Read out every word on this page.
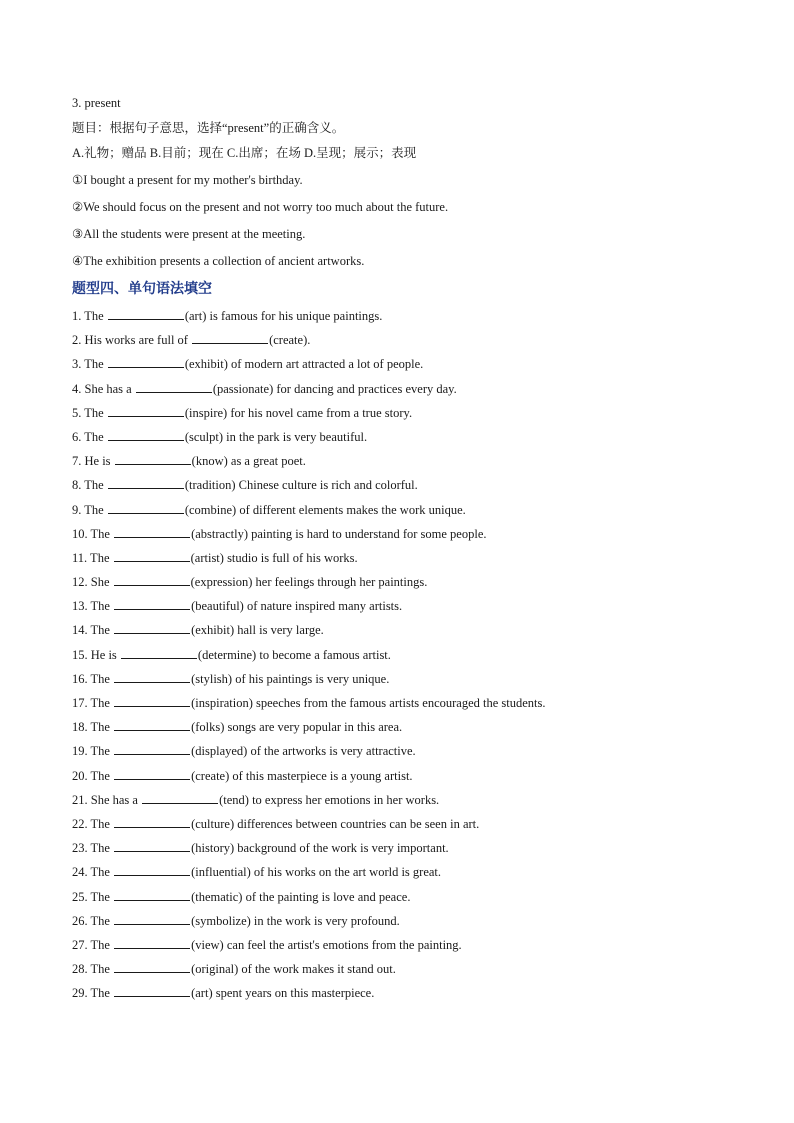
3. present

题目：根据句子意思，选择“present”的正确含义。

A.礼物；赠品 B.目前；现在 C.出席；在场 D.呈现；展示；表现

①I bought a present for my mother's birthday.

②We should focus on the present and not worry too much about the future.

③All the students were present at the meeting.

④The exhibition presents a collection of ancient artworks.

题型四、单句语法填空

1. The	(art) is famous for his unique paintings.
2. His works are full of	(create).
3. The	(exhibit) of modern art attracted a lot of people.
4. She has a	(passionate) for dancing and practices every day.
5. The	(inspire) for his novel came from a true story.
6. The	(sculpt) in the park is very beautiful.
7. He is	(know) as a great poet.
8. The	(tradition) Chinese culture is rich and colorful.
9. The	(combine) of different elements makes the work unique.
10. The	(abstractly) painting is hard to understand for some people.
11. The	(artist) studio is full of his works.
12. She	(expression) her feelings through her paintings.
13. The	(beautiful) of nature inspired many artists.
14. The	(exhibit) hall is very large.
15. He is	(determine) to become a famous artist.
16. The	(stylish) of his paintings is very unique.
17. The	(inspiration) speeches from the famous artists encouraged the students.
18. The	(folks) songs are very popular in this area.
19. The	(displayed) of the artworks is very attractive.
20. The	(create) of this masterpiece is a young artist.
21. She has a	(tend) to express her emotions in her works.
22. The	(culture) differences between countries can be seen in art.
23. The	(history) background of the work is very important.
24. The	(influential) of his works on the art world is great.
25. The	(thematic) of the painting is love and peace.
26. The	(symbolize) in the work is very profound.
27. The	(view) can feel the artist's emotions from the painting.
28. The	(original) of the work makes it stand out.
29. The	(art) spent years on this masterpiece.
